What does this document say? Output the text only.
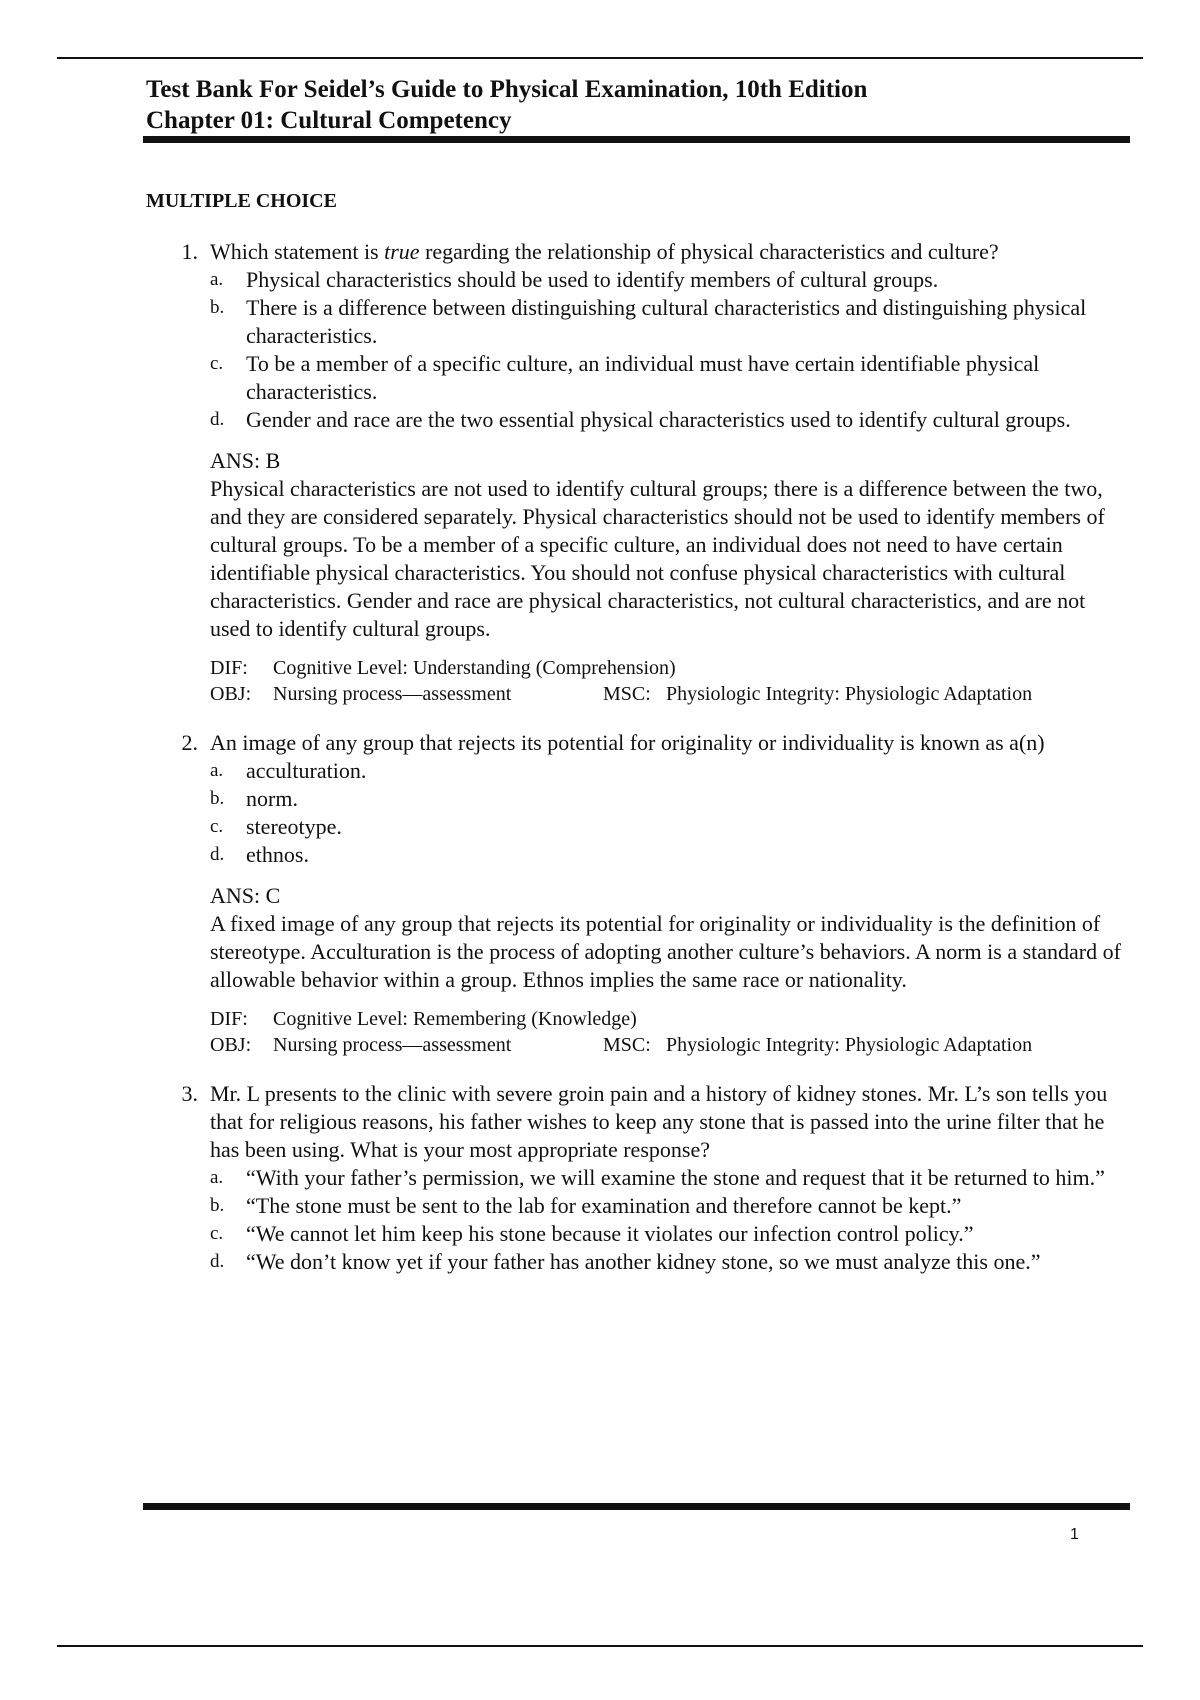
Test Bank For Seidel’s Guide to Physical Examination, 10th Edition
Chapter 01: Cultural Competency
MULTIPLE CHOICE
1. Which statement is true regarding the relationship of physical characteristics and culture?
a.	Physical characteristics should be used to identify members of cultural groups.
b. There is a difference between distinguishing cultural characteristics and distinguishing physical characteristics.
c.	To be a member of a specific culture, an individual must have certain identifiable physical characteristics.
d. Gender and race are the two essential physical characteristics used to identify cultural groups.
ANS: B
Physical characteristics are not used to identify cultural groups; there is a difference between the two, and they are considered separately. Physical characteristics should not be used to identify members of cultural groups. To be a member of a specific culture, an individual does not need to have certain identifiable physical characteristics. You should not confuse physical characteristics with cultural characteristics. Gender and race are physical characteristics, not cultural characteristics, and are not used to identify cultural groups.
DIF:	Cognitive Level: Understanding (Comprehension)
OBJ:	Nursing process—assessment	MSC: Physiologic Integrity: Physiologic Adaptation
2. An image of any group that rejects its potential for originality or individuality is known as a(n)
a.	acculturation.
b. norm.
c.	stereotype.
d. ethnos.
ANS: C
A fixed image of any group that rejects its potential for originality or individuality is the definition of stereotype. Acculturation is the process of adopting another culture’s behaviors. A norm is a standard of allowable behavior within a group. Ethnos implies the same race or nationality.
DIF:	Cognitive Level: Remembering (Knowledge)
OBJ:	Nursing process—assessment	MSC: Physiologic Integrity: Physiologic Adaptation
3. Mr. L presents to the clinic with severe groin pain and a history of kidney stones. Mr. L’s son tells you that for religious reasons, his father wishes to keep any stone that is passed into the urine filter that he has been using. What is your most appropriate response?
a.	“With your father’s permission, we will examine the stone and request that it be returned to him.”
b. “The stone must be sent to the lab for examination and therefore cannot be kept.”
c.	“We cannot let him keep his stone because it violates our infection control policy.”
d. “We don’t know yet if your father has another kidney stone, so we must analyze this one.”
1
